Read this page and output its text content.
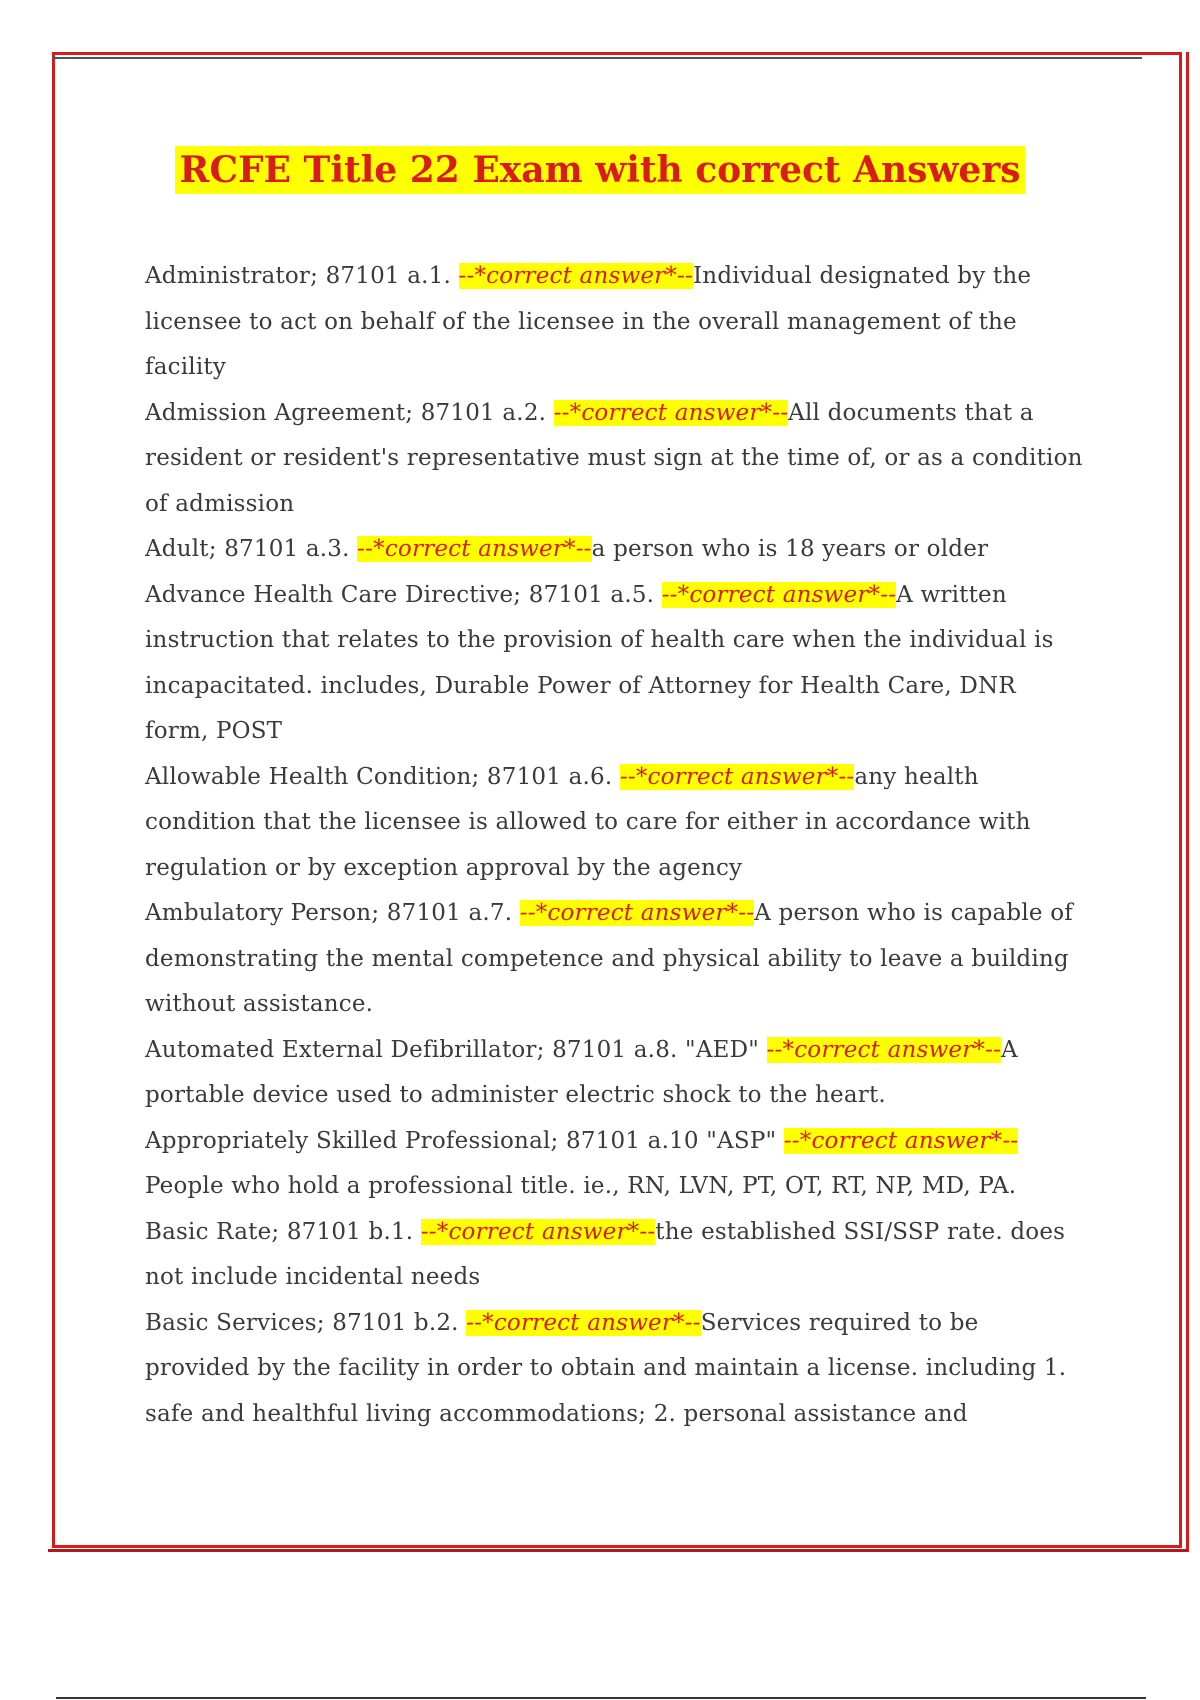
RCFE Title 22 Exam with correct Answers

Administrator; 87101 a.1. --*correct answer*--Individual designated by the licensee to act on behalf of the licensee in the overall management of the facility

Admission Agreement; 87101 a.2. --*correct answer*--All documents that a resident or resident's representative must sign at the time of, or as a condition of admission

Adult; 87101 a.3. --*correct answer*--a person who is 18 years or older

Advance Health Care Directive; 87101 a.5. --*correct answer*--A written instruction that relates to the provision of health care when the individual is incapacitated. includes, Durable Power of Attorney for Health Care, DNR form, POST

Allowable Health Condition; 87101 a.6. --*correct answer*--any health condition that the licensee is allowed to care for either in accordance with regulation or by exception approval by the agency

Ambulatory Person; 87101 a.7. --*correct answer*--A person who is capable of demonstrating the mental competence and physical ability to leave a building without assistance.

Automated External Defibrillator; 87101 a.8. "AED" --*correct answer*--A portable device used to administer electric shock to the heart.

Appropriately Skilled Professional; 87101 a.10 "ASP" --*correct answer*--People who hold a professional title. ie., RN, LVN, PT, OT, RT, NP, MD, PA.

Basic Rate; 87101 b.1. --*correct answer*--the established SSI/SSP rate. does not include incidental needs

Basic Services; 87101 b.2. --*correct answer*--Services required to be provided by the facility in order to obtain and maintain a license. including 1. safe and healthful living accommodations; 2. personal assistance and
